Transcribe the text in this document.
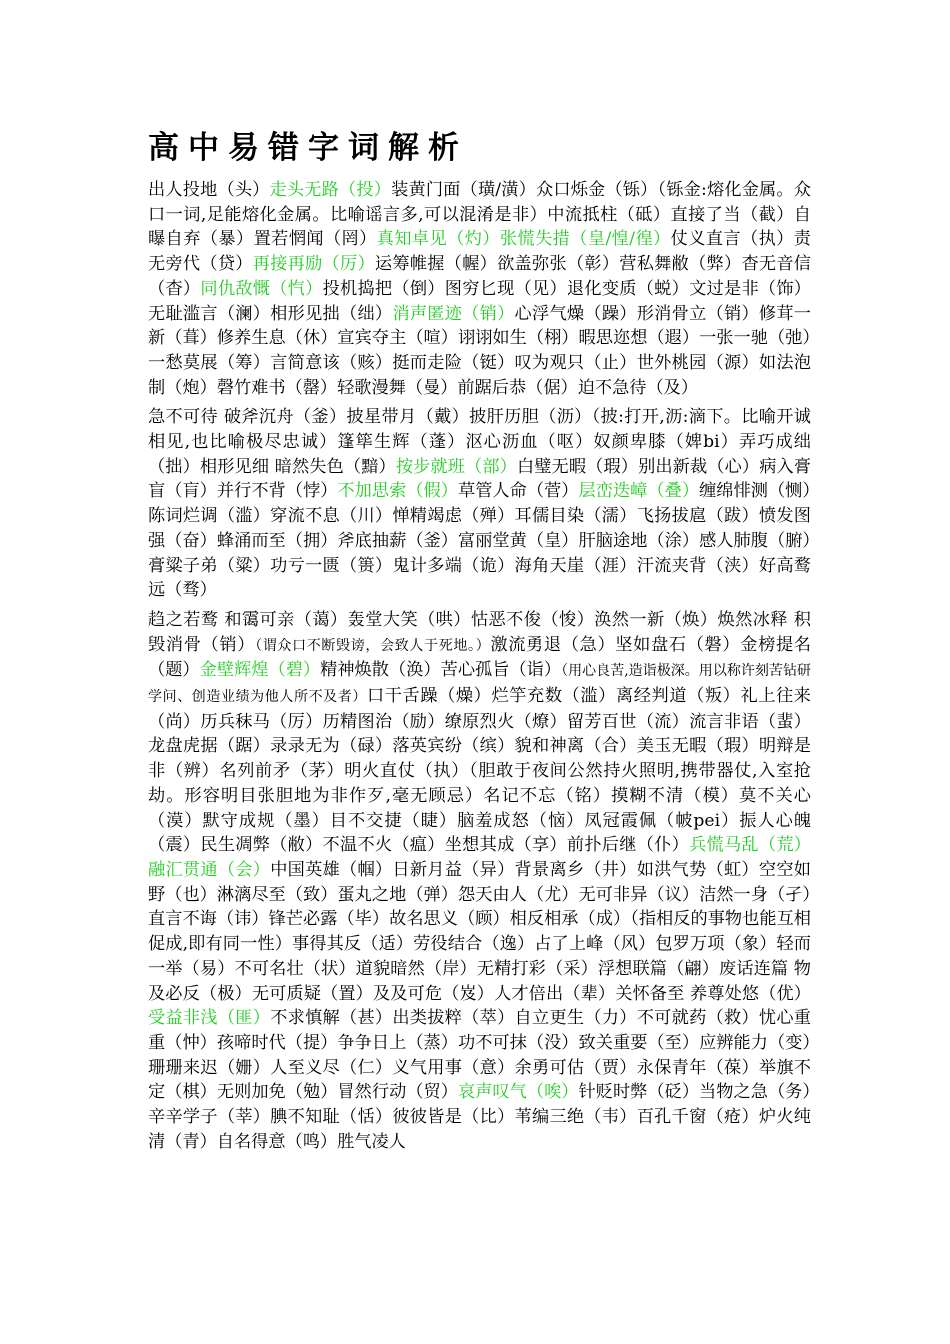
高中易错字词解析

出人投地（头）走头无路（投）装黄门面（璜/潢）众口烁金（铄）（铄金:熔化金属。众口一词,足能熔化金属。比喻谣言多,可以混淆是非）中流抵柱（砥）直接了当（截）自曝自弃（暴）置若惘闻（罔）真知卓见（灼）张慌失措（皇/惶/徨）仗义直言（执）责无旁代（贷）再接再励（厉）运筹帷握（幄）欲盖弥张（彰）营私舞敝（弊）杳无音信（杳）同仇敌慨（忾）投机捣把（倒）图穷匕现（见）退化变质（蜕）文过是非（饰）无耻滥言（澜）相形见拙（绌）消声匿迹（销）心浮气燥（躁）形消骨立（销）修茸一新（葺）修养生息（休）宣宾夺主（喧）诩诩如生（栩）暇思迩想（遐）一张一驰（弛）一愁莫展（筹）言简意该（赅）挺而走险（铤）叹为观只（止）世外桃园（源）如法泡制（炮）磬竹难书（罄）轻歌漫舞（曼）前踞后恭（倨）迫不急待（及）

急不可待 破斧沉舟（釜）披星带月（戴）披肝历胆（沥）（披:打开,沥:滴下。比喻开诚相见,也比喻极尽忠诚）篷筚生辉（蓬）沤心沥血（呕）奴颜卑膝（婢bi）弄巧成绌（拙）相形见细 暗然失色（黯）按步就班（部）白璧无暇（瑕）别出新裁（心）病入膏盲（肓）并行不背（悖）不加思索（假）草管人命（菅）层峦迭嶂（叠）缠绵悱测（恻）陈词烂调（滥）穿流不息（川）惮精竭虑（殚）耳儒目染（濡）飞扬拔扈（跋）愤发图强（奋）蜂涌而至（拥）斧底抽薪（釜）富丽堂黄（皇）肝脑途地（涂）感人肺腹（腑）膏粱子弟（粱）功亏一匮（篑）鬼计多端（诡）海角天崖（涯）汗流夹背（浃）好高鹜远（骛）

趋之若鹜 和霭可亲（蔼）轰堂大笑（哄）怙恶不俊（悛）涣然一新（焕）焕然冰释 积毁消骨（销）（谓众口不断毁谤，会致人于死地。）激流勇退（急）坚如盘石（磐）金榜提名（题）金壁辉煌（碧）精神焕散（涣）苦心孤旨（诣）（用心良苦,造诣极深。用以称许刻苦钻研学问、创造业绩为他人所不及者）口干舌躁（燥）烂竽充数（滥）离经判道（叛）礼上往来（尚）历兵秣马（厉）历精图治（励）缭原烈火（燎）留芳百世（流）流言非语（蜚）龙盘虎据（踞）录录无为（碌）落英宾纷（缤）貌和神离（合）美玉无暇（瑕）明辩是非（辨）名列前矛（茅）明火直仗（执）（胆敢于夜间公然持火照明,携带器仗,入室抢劫。形容明目张胆地为非作歹,毫无顾忌）名记不忘（铭）摸糊不清（模）莫不关心（漠）默守成规（墨）目不交捷（睫）脑羞成怒（恼）凤冠霞佩（帔pei）振人心魄（震）民生凋弊（敝）不温不火（瘟）坐想其成（享）前扑后继（仆）兵慌马乱（荒）融汇贯通（会）中国英雄（帼）日新月益（异）背景离乡（井）如洪气势（虹）空空如野（也）淋漓尽至（致）蛋丸之地（弹）怨天由人（尤）无可非异（议）洁然一身（孑）直言不诲（讳）锋芒必露（毕）故名思义（顾）相反相承（成）（指相反的事物也能互相促成,即有同一性）事得其反（适）劳役结合（逸）占了上峰（风）包罗万项（象）轻而一举（易）不可名壮（状）道貌暗然（岸）无精打彩（采）浮想联篇（翩）废话连篇 物及必反（极）无可质疑（置）及及可危（岌）人才倍出（辈）关怀备至 养尊处悠（优）受益非浅（匪）不求慎解（甚）出类拔粹（萃）自立更生（力）不可就药（救）忧心重重（忡）孩啼时代（提）争争日上（蒸）功不可抹（没）致关重要（至）应辨能力（变）珊珊来迟（姗）人至义尽（仁）义气用事（意）余勇可估（贾）永保青年（葆）举旗不定（棋）无则加免（勉）冒然行动（贸）哀声叹气（唉）针贬时弊（砭）当物之急（务）辛辛学子（莘）腆不知耻（恬）彼彼皆是（比）苇编三绝（韦）百孔千窗（疮）炉火纯清（青）自名得意（鸣）胜气凌人
